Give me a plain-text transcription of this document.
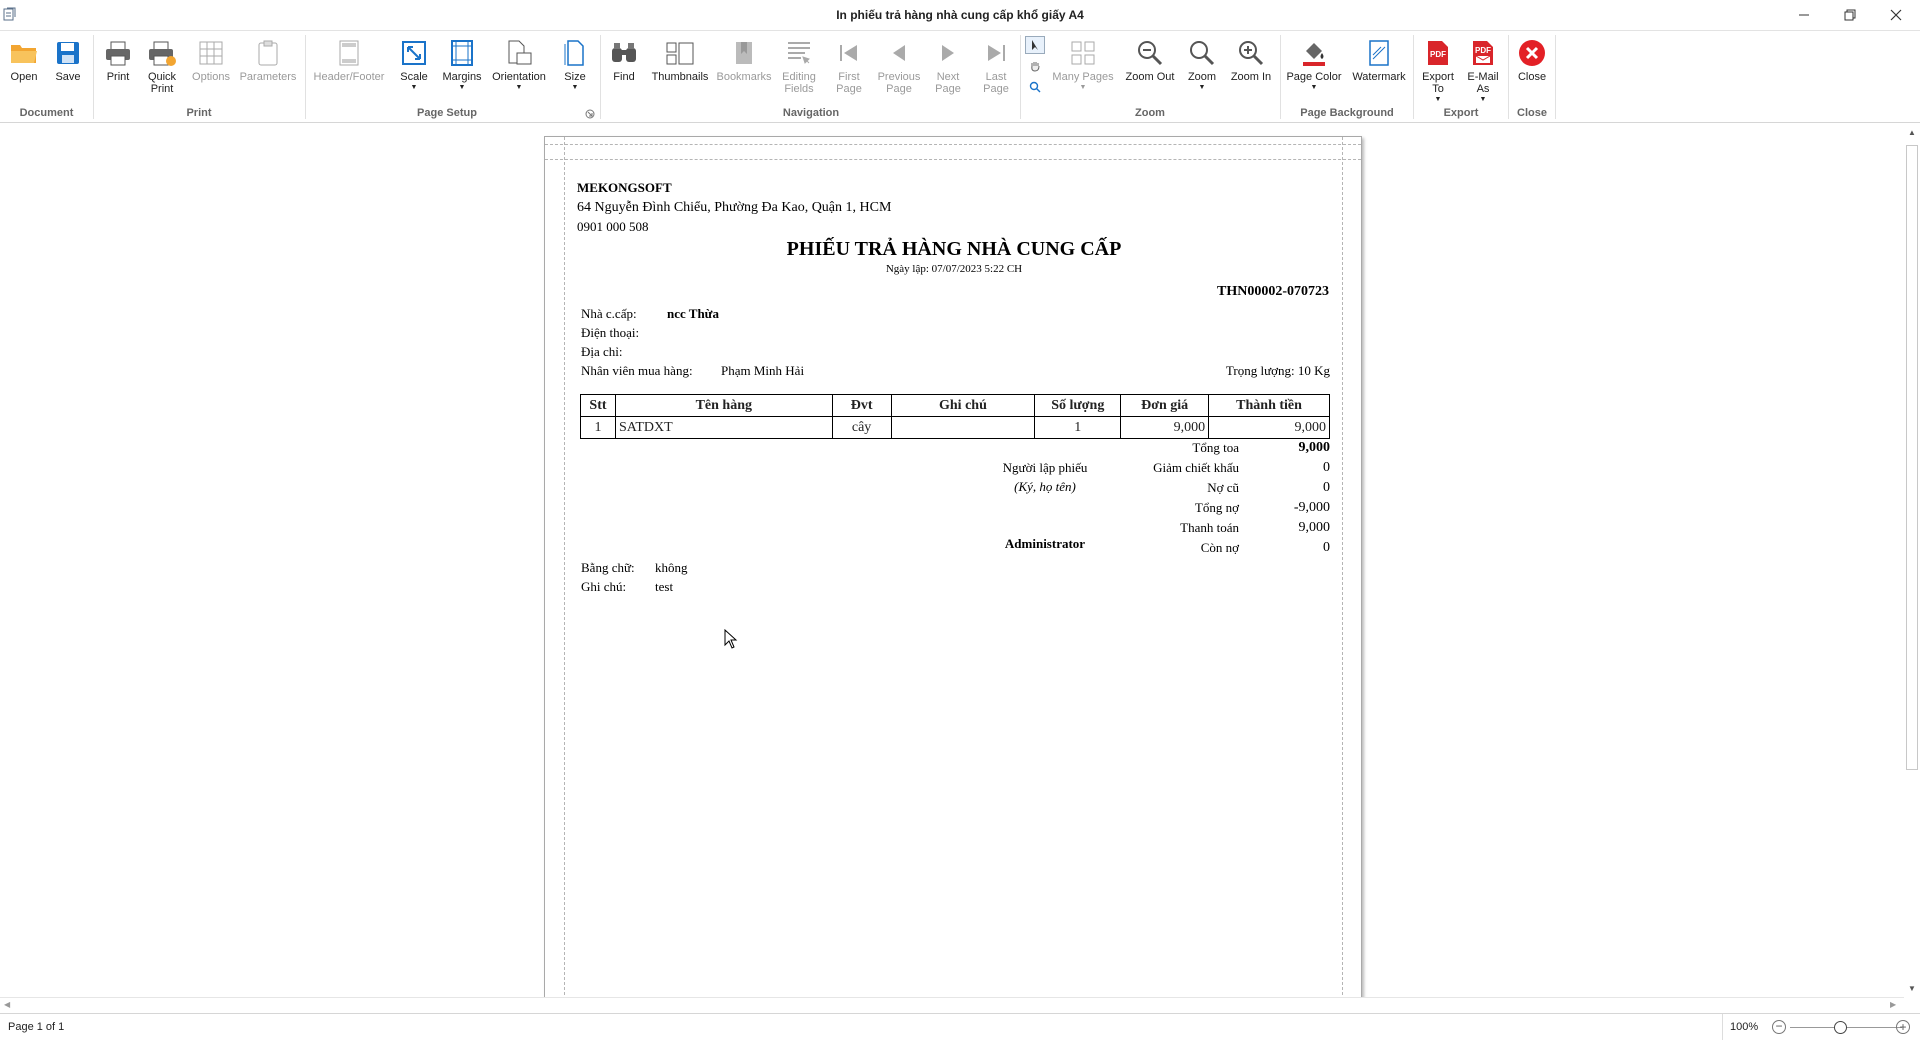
In phiếu trả hàng nhà cung cấp khổ giấy A4
Open Save Print Quick Print
Options Parameters
Document	Print
Header/Footer Scale
▼
Margins
▼
Orientation
▼
Size
▼
Page Setup
Find Thumbnails Bookmarks Editing Fields
First Page
Previous Page
Next Page
Last Page
Navigation
Many Pages
▼
Zoom Out Zoom
▼
Zoom In
Zoom
Page Color
▼
Watermark
Page Background
PDF
Export To
▼
PDF
E-Mail As
▼
Export
Close
Close
MEKONGSOFT
64 Nguyễn Đình Chiểu, Phường Đa Kao, Quận 1, HCM
0901 000 508
PHIẾU TRẢ HÀNG NHÀ CUNG CẤP
Ngày lập: 07/07/2023 5:22 CH
THN00002-070723
Nhà c.cấp: ncc Thừa
Điện thoại:
Địa chỉ:
Nhân viên mua hàng: Phạm Minh Hải	Trọng lượng: 10 Kg
Stt	Tên hàng	Đvt	Ghi chú	Số lượng	Đơn giá	Thành tiền
1	SATDXT	cây		1	9,000	9,000
Tổng toa	9,000
Giảm chiết khấu	0
Nợ cũ	0
Tổng nợ	-9,000
Thanh toán	9,000
Còn nợ	0
Người lập phiếu
(Ký, họ tên)
Administrator
Bằng chữ: không
Ghi chú: test
▲
▼
◀	▶
Page 1 of 1	100% −	+
